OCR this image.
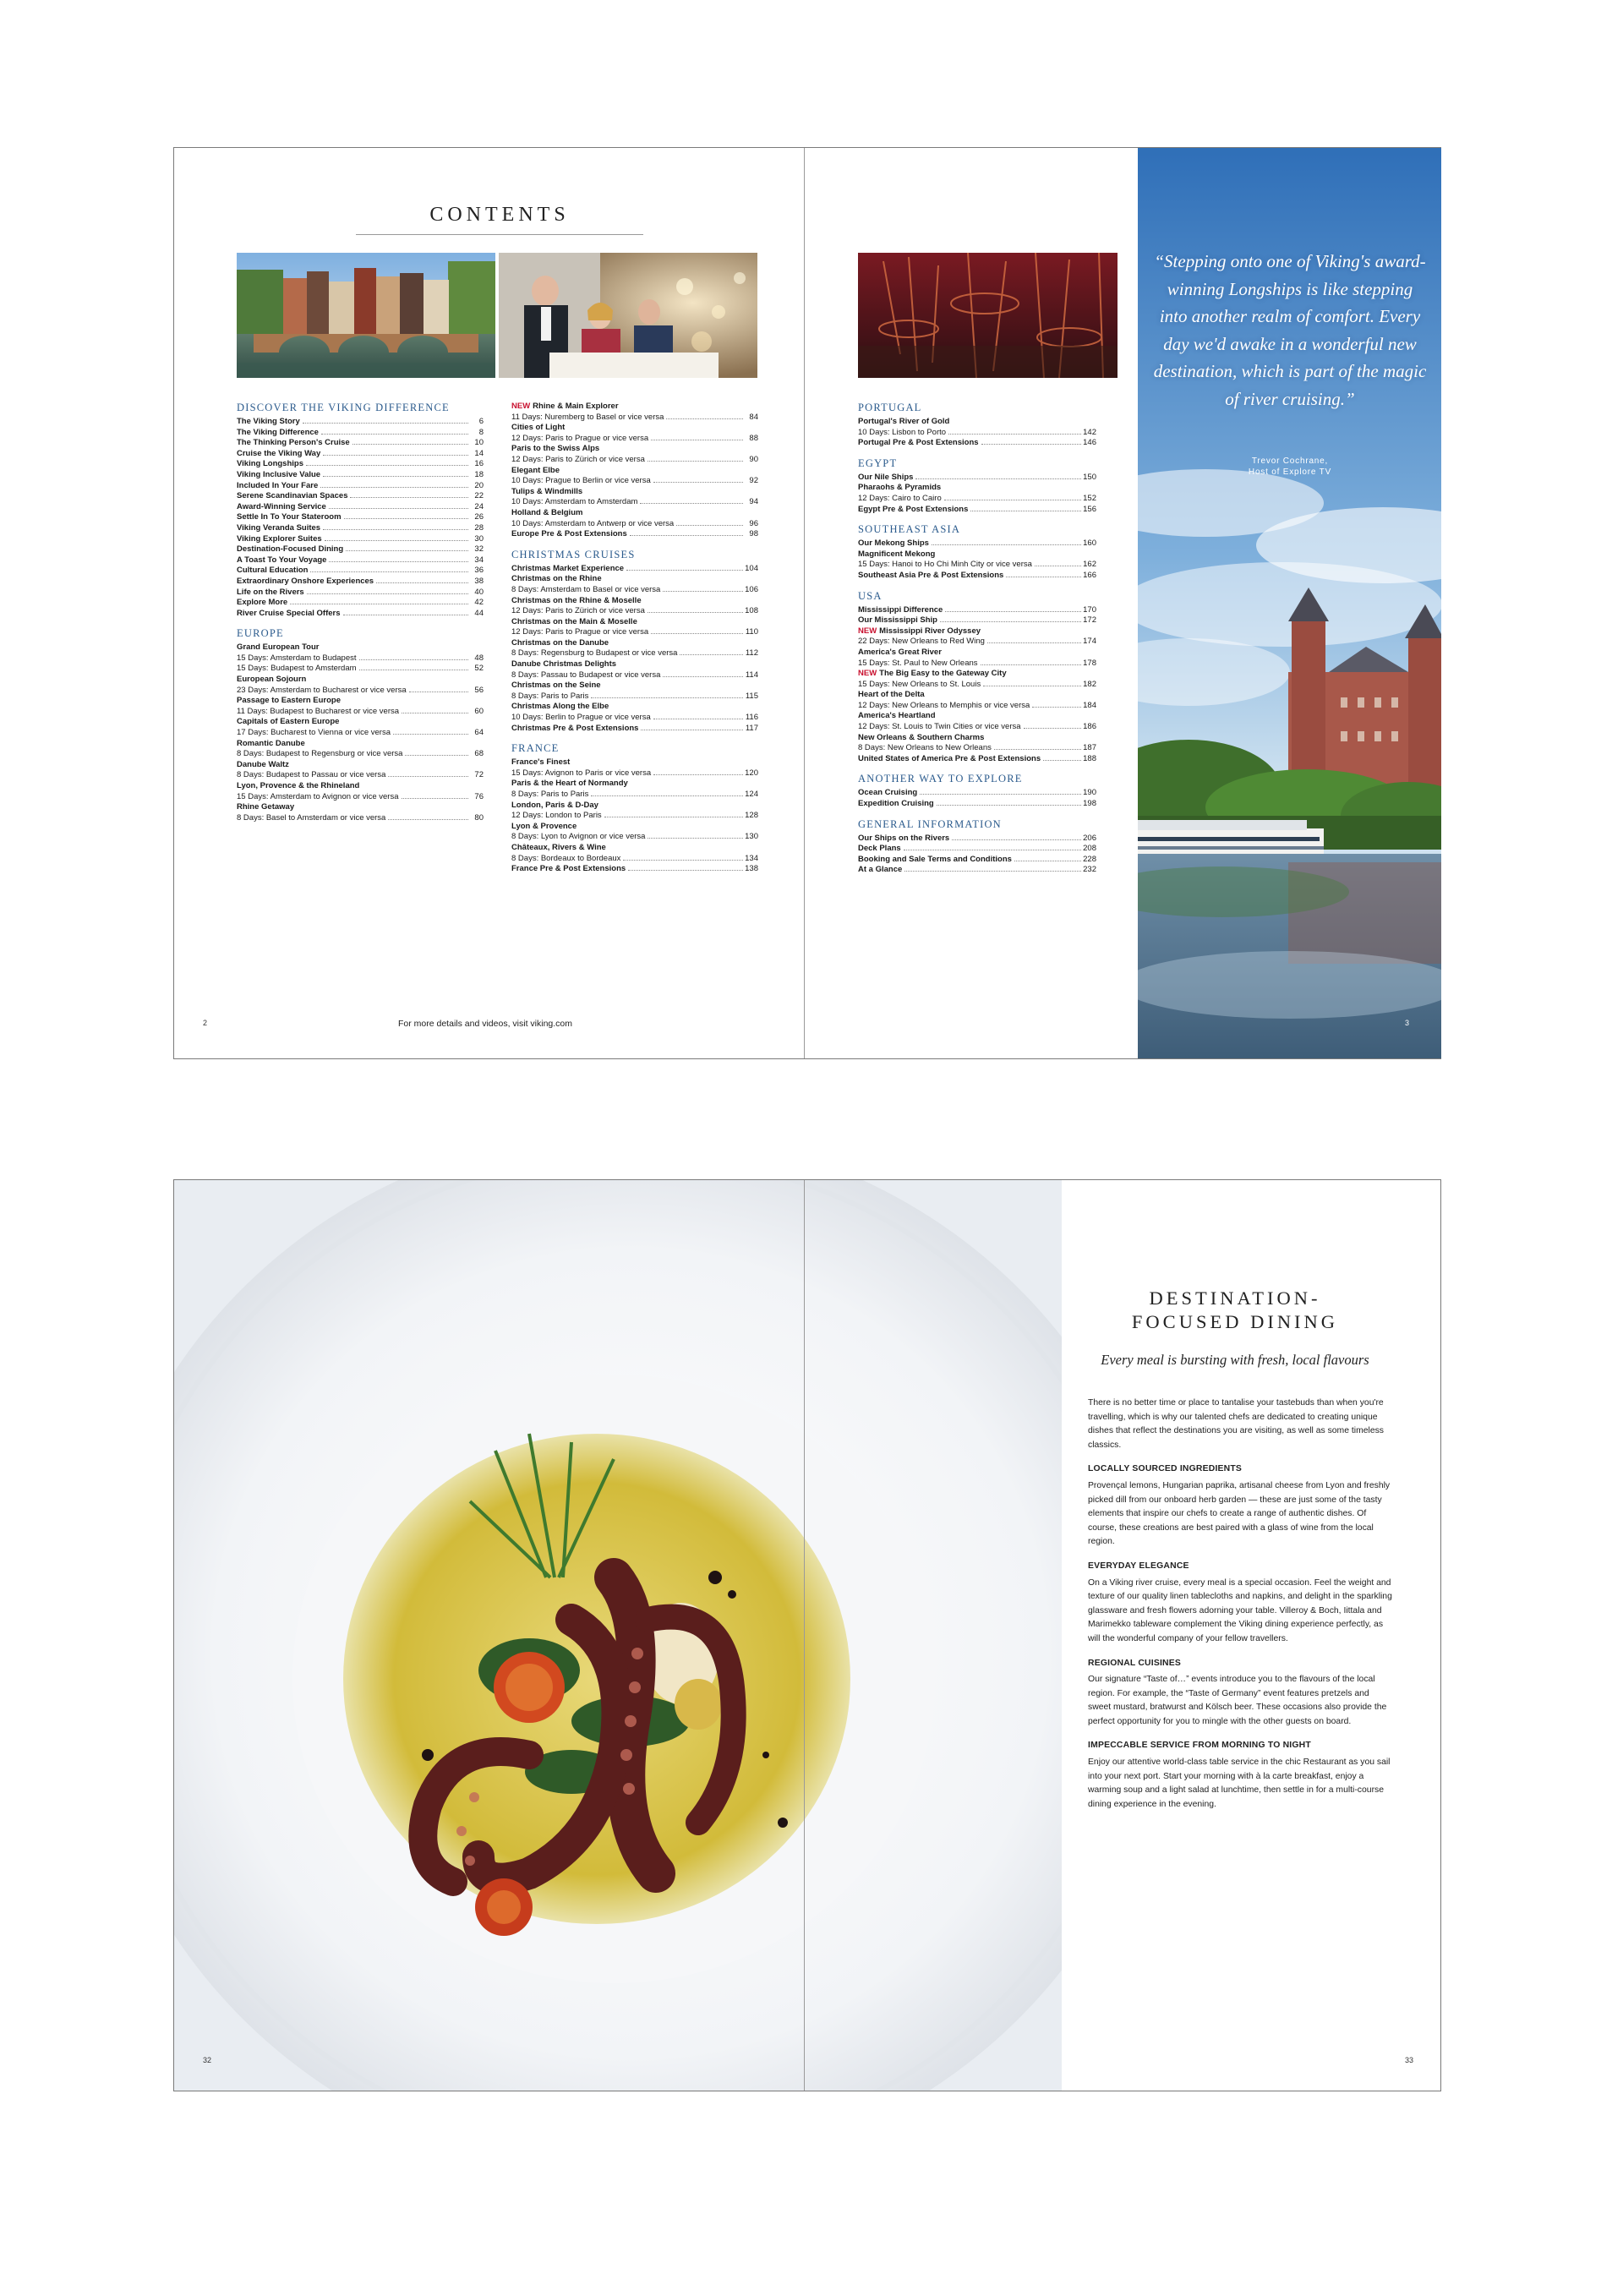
CONTENTS
DISCOVER THE VIKING DIFFERENCE
The Viking Story	6
The Viking Difference	8
The Thinking Person's Cruise	10
Cruise the Viking Way	14
Viking Longships	16
Viking Inclusive Value	18
Included In Your Fare	20
Serene Scandinavian Spaces	22
Award-Winning Service	24
Settle In To Your Stateroom	26
Viking Veranda Suites	28
Viking Explorer Suites	30
Destination-Focused Dining	32
A Toast To Your Voyage	34
Cultural Education	36
Extraordinary Onshore Experiences	38
Life on the Rivers	40
Explore More	42
River Cruise Special Offers	44
EUROPE
Grand European Tour
15 Days: Amsterdam to Budapest	48
15 Days: Budapest to Amsterdam	52
European Sojourn
23 Days: Amsterdam to Bucharest or vice versa	56
Passage to Eastern Europe
11 Days: Budapest to Bucharest or vice versa	60
Capitals of Eastern Europe
17 Days: Bucharest to Vienna or vice versa	64
Romantic Danube
8 Days: Budapest to Regensburg or vice versa	68
Danube Waltz
8 Days: Budapest to Passau or vice versa	72
Lyon, Provence & the Rhineland
15 Days: Amsterdam to Avignon or vice versa	76
Rhine Getaway
8 Days: Basel to Amsterdam or vice versa	80
NEW Rhine & Main Explorer
11 Days: Nuremberg to Basel or vice versa	84
Cities of Light
12 Days: Paris to Prague or vice versa	88
Paris to the Swiss Alps
12 Days: Paris to Zürich or vice versa	90
Elegant Elbe
10 Days: Prague to Berlin or vice versa	92
Tulips & Windmills
10 Days: Amsterdam to Amsterdam	94
Holland & Belgium
10 Days: Amsterdam to Antwerp or vice versa	96
Europe Pre & Post Extensions	98
CHRISTMAS CRUISES
Christmas Market Experience	104
Christmas on the Rhine
8 Days: Amsterdam to Basel or vice versa	106
Christmas on the Rhine & Moselle
12 Days: Paris to Zürich or vice versa	108
Christmas on the Main & Moselle
12 Days: Paris to Prague or vice versa	110
Christmas on the Danube
8 Days: Regensburg to Budapest or vice versa	112
Danube Christmas Delights
8 Days: Passau to Budapest or vice versa	114
Christmas on the Seine
8 Days: Paris to Paris	115
Christmas Along the Elbe
10 Days: Berlin to Prague or vice versa	116
Christmas Pre & Post Extensions	117
FRANCE
France's Finest
15 Days: Avignon to Paris or vice versa	120
Paris & the Heart of Normandy
8 Days: Paris to Paris	124
London, Paris & D-Day
12 Days: London to Paris	128
Lyon & Provence
8 Days: Lyon to Avignon or vice versa	130
Châteaux, Rivers & Wine
8 Days: Bordeaux to Bordeaux	134
France Pre & Post Extensions	138
PORTUGAL
Portugal's River of Gold
10 Days: Lisbon to Porto	142
Portugal Pre & Post Extensions	146
EGYPT
Our Nile Ships	150
Pharaohs & Pyramids
12 Days: Cairo to Cairo	152
Egypt Pre & Post Extensions	156
SOUTHEAST ASIA
Our Mekong Ships	160
Magnificent Mekong
15 Days: Hanoi to Ho Chi Minh City or vice versa	162
Southeast Asia Pre & Post Extensions	166
USA
Mississippi Difference	170
Our Mississippi Ship	172
NEW Mississippi River Odyssey
22 Days: New Orleans to Red Wing	174
America's Great River
15 Days: St. Paul to New Orleans	178
NEW The Big Easy to the Gateway City
15 Days: New Orleans to St. Louis	182
Heart of the Delta
12 Days: New Orleans to Memphis or vice versa	184
America's Heartland
12 Days: St. Louis to Twin Cities or vice versa	186
New Orleans & Southern Charms
8 Days: New Orleans to New Orleans	187
United States of America Pre & Post Extensions	188
ANOTHER WAY TO EXPLORE
Ocean Cruising	190
Expedition Cruising	198
GENERAL INFORMATION
Our Ships on the Rivers	206
Deck Plans	208
Booking and Sale Terms and Conditions	228
At a Glance	232
“Stepping onto one of Viking's award-winning Longships is like stepping into another realm of comfort. Every day we'd awake in a wonderful new destination, which is part of the magic of river cruising.”
Trevor Cochrane,
Host of Explore TV
For more details and videos, visit viking.com
2	3
DESTINATION-
FOCUSED DINING
Every meal is bursting with fresh, local flavours

There is no better time or place to tantalise your tastebuds than when you're travelling, which is why our talented chefs are dedicated to creating unique dishes that reflect the destinations you are visiting, as well as some timeless classics.

LOCALLY SOURCED INGREDIENTS

Provençal lemons, Hungarian paprika, artisanal cheese from Lyon and freshly picked dill from our onboard herb garden — these are just some of the tasty elements that inspire our chefs to create a range of authentic dishes. Of course, these creations are best paired with a glass of wine from the local region.

EVERYDAY ELEGANCE

On a Viking river cruise, every meal is a special occasion. Feel the weight and texture of our quality linen tablecloths and napkins, and delight in the sparkling glassware and fresh flowers adorning your table. Villeroy & Boch, Iittala and Marimekko tableware complement the Viking dining experience perfectly, as will the wonderful company of your fellow travellers.

REGIONAL CUISINES

Our signature “Taste of…” events introduce you to the flavours of the local region. For example, the “Taste of Germany” event features pretzels and sweet mustard, bratwurst and Kölsch beer. These occasions also provide the perfect opportunity for you to mingle with the other guests on board.

IMPECCABLE SERVICE FROM MORNING TO NIGHT

Enjoy our attentive world-class table service in the chic Restaurant as you sail into your next port. Start your morning with à la carte breakfast, enjoy a warming soup and a light salad at lunchtime, then settle in for a multi-course dining experience in the evening.

32	33
